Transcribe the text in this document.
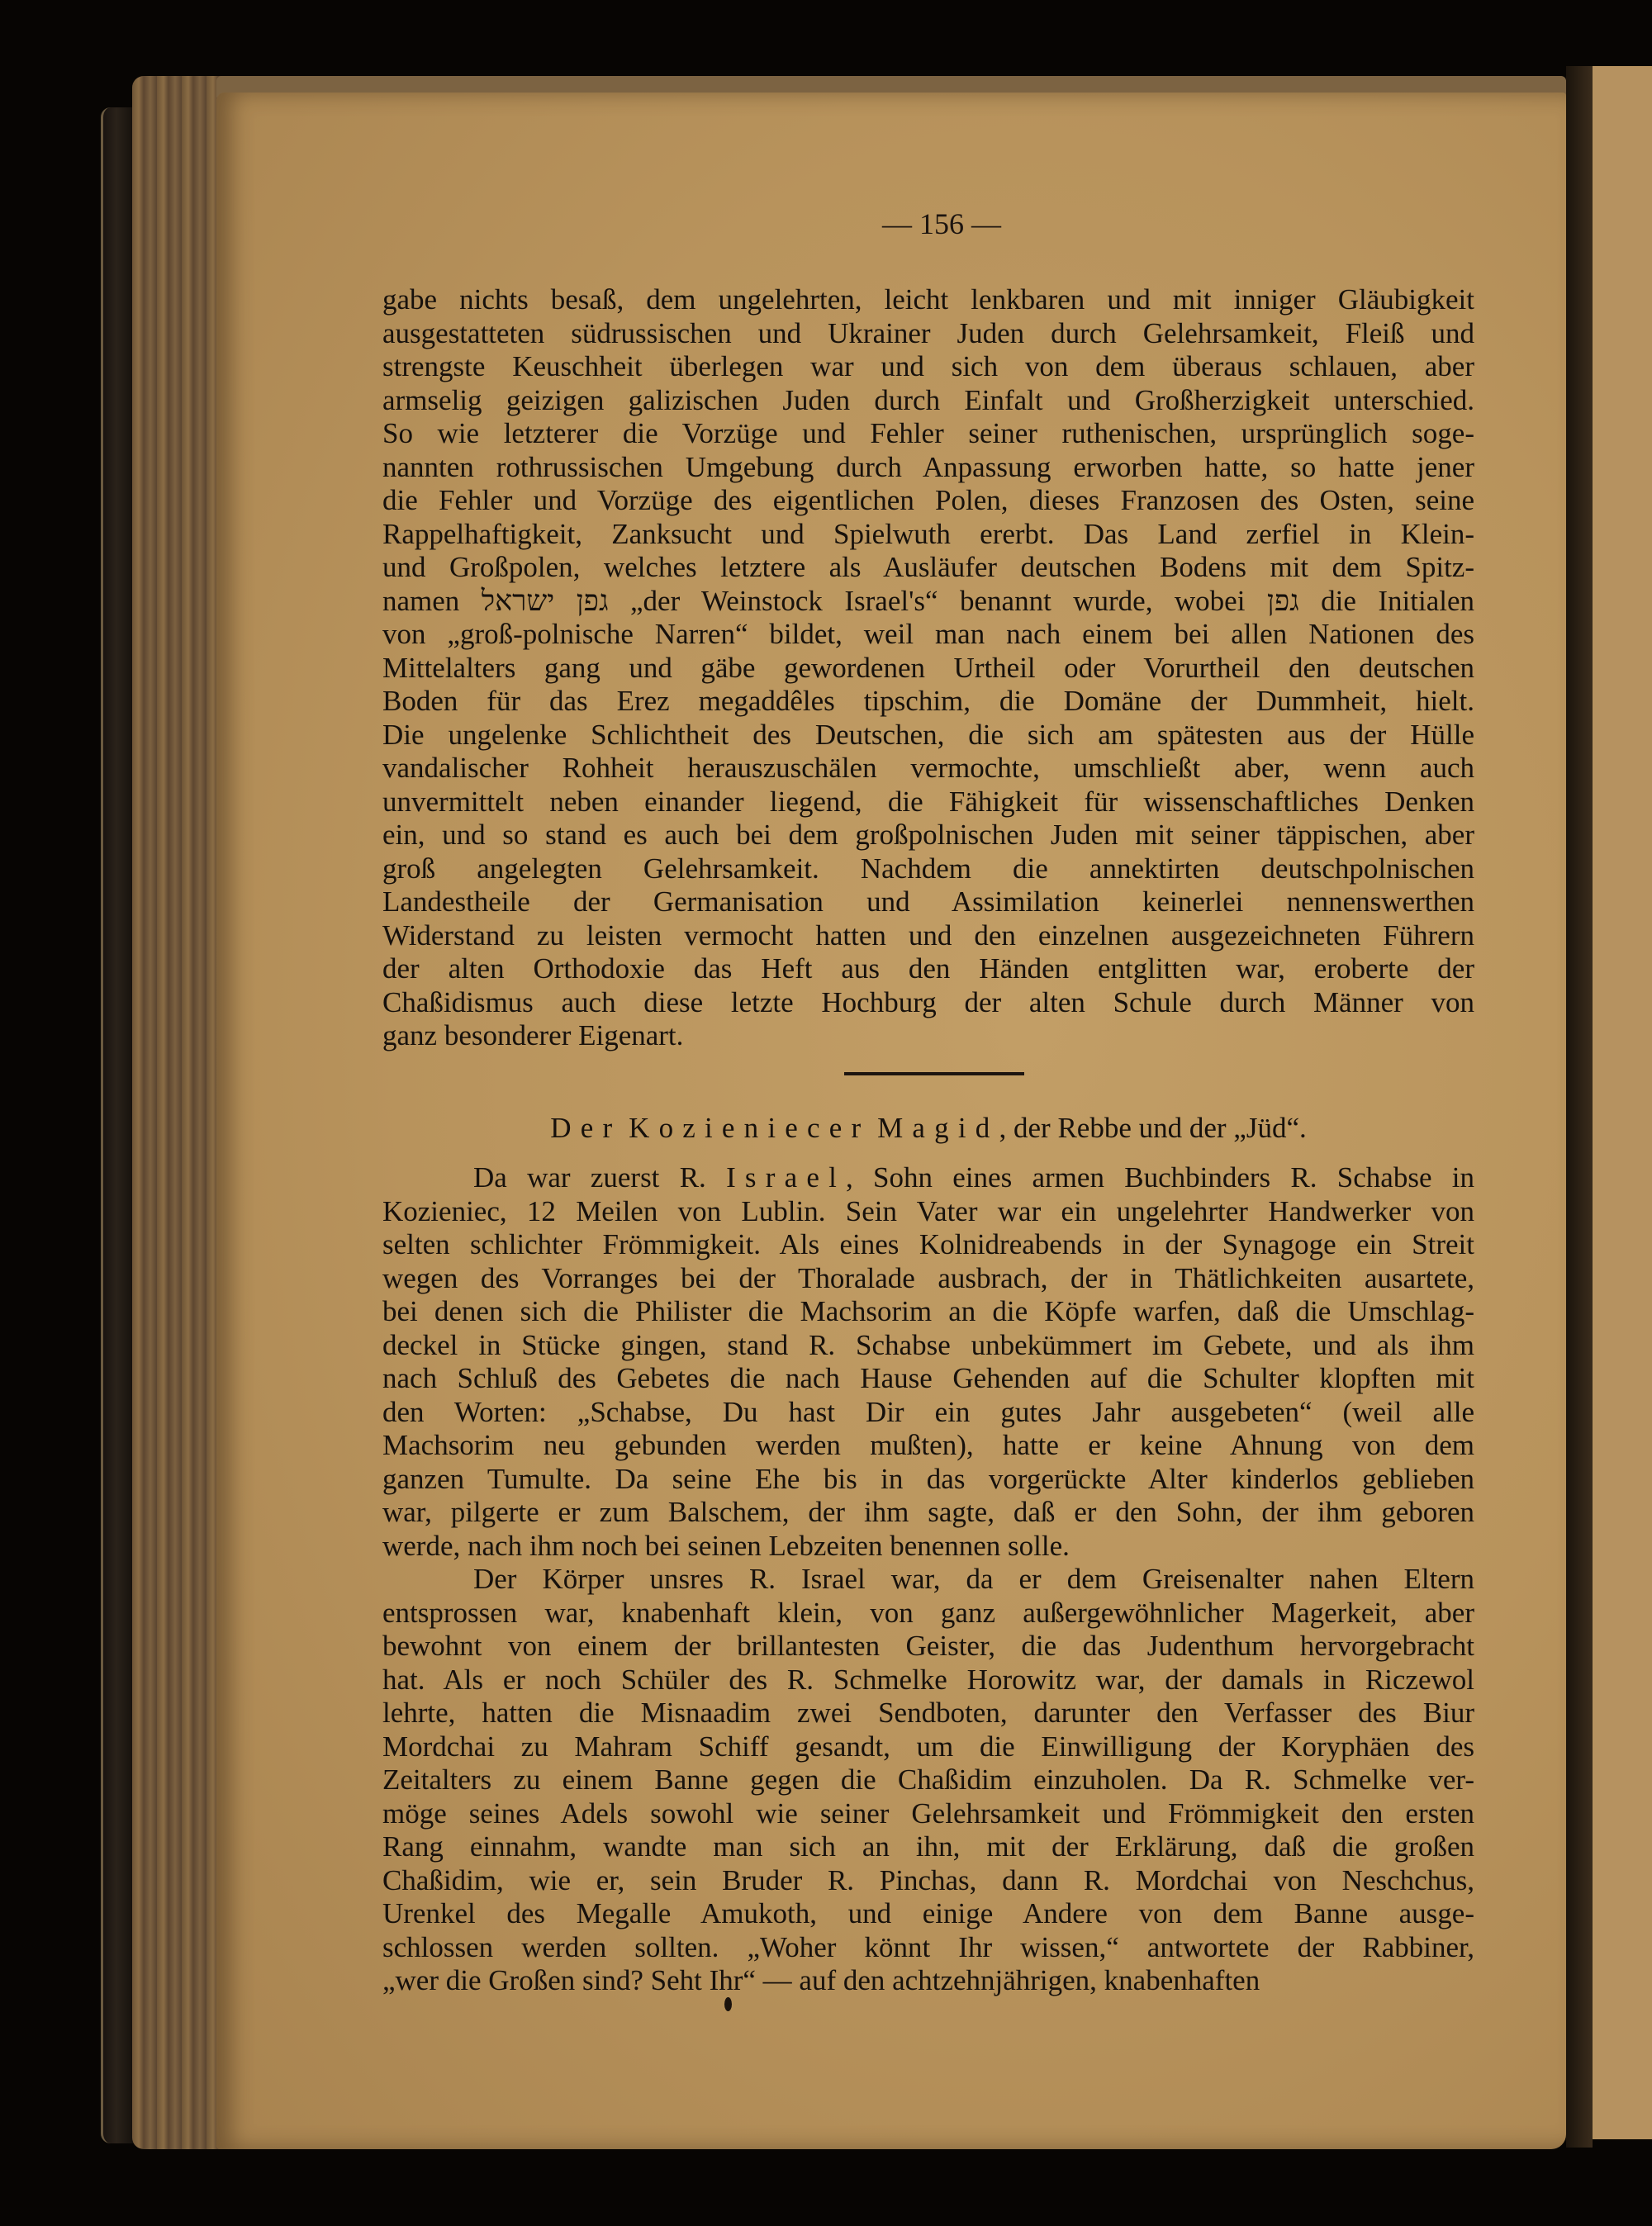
— 156 —
gabe nichts besaß, dem ungelehrten, leicht lenkbaren und mit inniger Gläubigkeit
ausgestatteten südrussischen und Ukrainer Juden durch Gelehrsamkeit, Fleiß und
strengste Keuschheit überlegen war und sich von dem überaus schlauen, aber
armselig geizigen galizischen Juden durch Einfalt und Großherzigkeit unterschied.
So wie letzterer die Vorzüge und Fehler seiner ruthenischen, ursprünglich soge-
nannten rothrussischen Umgebung durch Anpassung erworben hatte, so hatte jener
die Fehler und Vorzüge des eigentlichen Polen, dieses Franzosen des Osten, seine
Rappelhaftigkeit, Zanksucht und Spielwuth ererbt. Das Land zerfiel in Klein-
und Großpolen, welches letztere als Ausläufer deutschen Bodens mit dem Spitz-
namen ⁧גפן ישראל⁩ „der Weinstock Israel's“ benannt wurde, wobei ⁧גפן⁩ die Initialen
von „groß-polnische Narren“ bildet, weil man nach einem bei allen Nationen des
Mittelalters gang und gäbe gewordenen Urtheil oder Vorurtheil den deutschen
Boden für das Erez megaddêles tipschim, die Domäne der Dummheit, hielt.
Die ungelenke Schlichtheit des Deutschen, die sich am spätesten aus der Hülle
vandalischer Rohheit herauszuschälen vermochte, umschließt aber, wenn auch
unvermittelt neben einander liegend, die Fähigkeit für wissenschaftliches Denken
ein, und so stand es auch bei dem großpolnischen Juden mit seiner täppischen, aber
groß angelegten Gelehrsamkeit. Nachdem die annektirten deutschpolnischen
Landestheile der Germanisation und Assimilation keinerlei nennenswerthen
Widerstand zu leisten vermocht hatten und den einzelnen ausgezeichneten Führern
der alten Orthodoxie das Heft aus den Händen entglitten war, eroberte der
Chaßidismus auch diese letzte Hochburg der alten Schule durch Männer von
ganz besonderer Eigenart.
Der Kozieniecer Magid, der Rebbe und der „Jüd“.
Da war zuerst R. Israel, Sohn eines armen Buchbinders R. Schabse in
Kozieniec, 12 Meilen von Lublin. Sein Vater war ein ungelehrter Handwerker von
selten schlichter Frömmigkeit. Als eines Kolnidreabends in der Synagoge ein Streit
wegen des Vorranges bei der Thoralade ausbrach, der in Thätlichkeiten ausartete,
bei denen sich die Philister die Machsorim an die Köpfe warfen, daß die Umschlag-
deckel in Stücke gingen, stand R. Schabse unbekümmert im Gebete, und als ihm
nach Schluß des Gebetes die nach Hause Gehenden auf die Schulter klopften mit
den Worten: „Schabse, Du hast Dir ein gutes Jahr ausgebeten“ (weil alle
Machsorim neu gebunden werden mußten), hatte er keine Ahnung von dem
ganzen Tumulte. Da seine Ehe bis in das vorgerückte Alter kinderlos geblieben
war, pilgerte er zum Balschem, der ihm sagte, daß er den Sohn, der ihm geboren
werde, nach ihm noch bei seinen Lebzeiten benennen solle.
Der Körper unsres R. Israel war, da er dem Greisenalter nahen Eltern
entsprossen war, knabenhaft klein, von ganz außergewöhnlicher Magerkeit, aber
bewohnt von einem der brillantesten Geister, die das Judenthum hervorgebracht
hat. Als er noch Schüler des R. Schmelke Horowitz war, der damals in Riczewol
lehrte, hatten die Misnaadim zwei Sendboten, darunter den Verfasser des Biur
Mordchai zu Mahram Schiff gesandt, um die Einwilligung der Koryphäen des
Zeitalters zu einem Banne gegen die Chaßidim einzuholen. Da R. Schmelke ver-
möge seines Adels sowohl wie seiner Gelehrsamkeit und Frömmigkeit den ersten
Rang einnahm, wandte man sich an ihn, mit der Erklärung, daß die großen
Chaßidim, wie er, sein Bruder R. Pinchas, dann R. Mordchai von Neschchus,
Urenkel des Megalle Amukoth, und einige Andere von dem Banne ausge-
schlossen werden sollten. „Woher könnt Ihr wissen,“ antwortete der Rabbiner,
„wer die Großen sind? Seht Ihr“ — auf den achtzehnjährigen, knabenhaften
